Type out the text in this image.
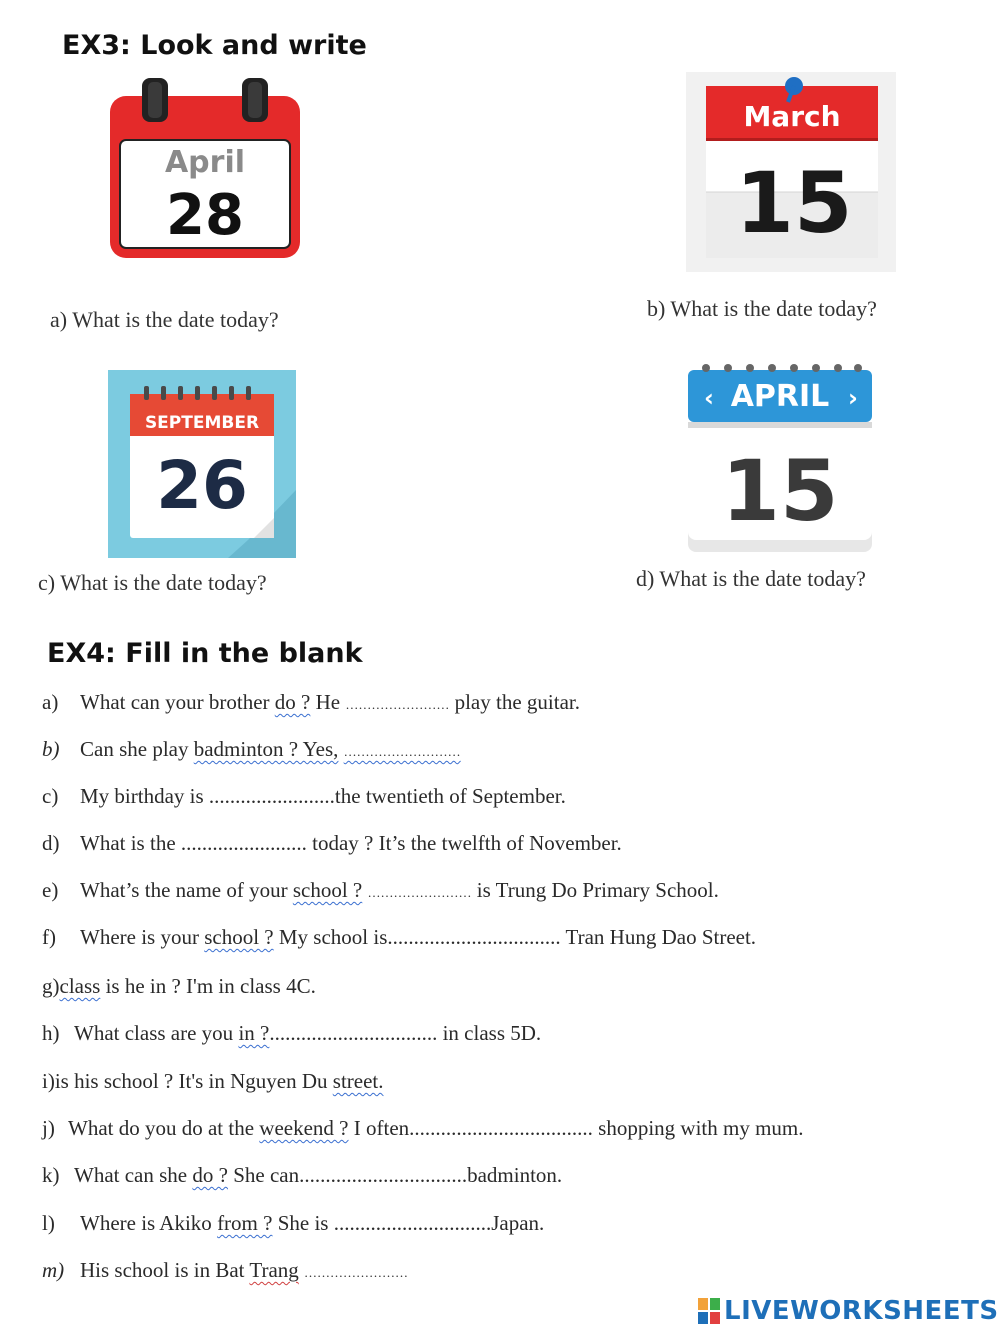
EX3: Look and write
April
28
a) What is the date today?
March
15
b) What is the date today?
SEPTEMBER
26
c) What is the date today?
‹ APRIL ›
15
d) What is the date today?
EX4: Fill in the blank
a) What can your brother do ? He …………………… play the guitar.
b) Can she play badminton ? Yes, ………………………
c) My birthday is ........................the twentieth of September.
d) What is the ........................ today ? It’s the twelfth of November.
e) What’s the name of your school ? …………………… is Trung Do Primary School.
f) Where is your school ? My school is................................. Tran Hung Dao Street.
g)class is he in ? I'm in class 4C.
h) What class are you in ?................................ in class 5D.
i)is his school ? It's in Nguyen Du street.
j) What do you do at the weekend ? I often................................... shopping with my mum.
k) What can she do ? She can................................badminton.
l) Where is Akiko from ? She is ..............................Japan.
m) His school is in Bat Trang ……………………
LIVEWORKSHEETS
